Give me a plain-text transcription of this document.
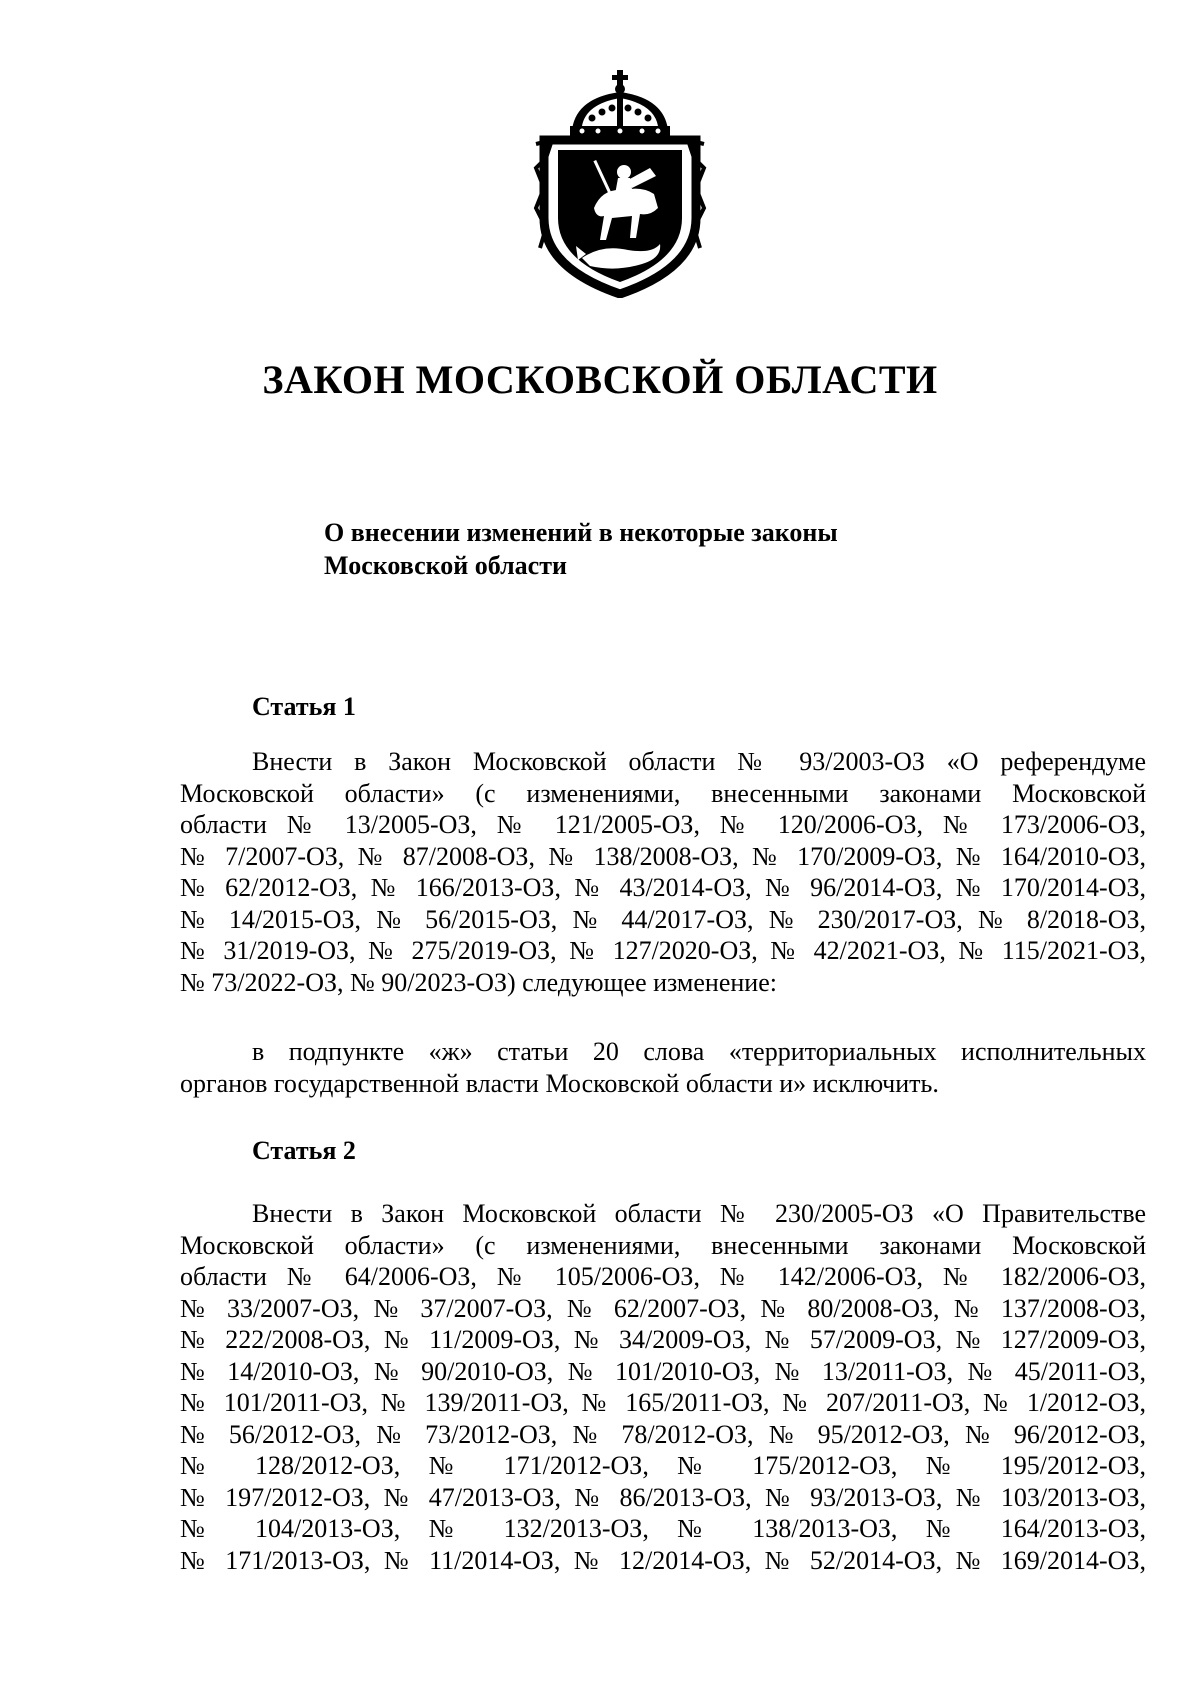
ЗАКОН МОСКОВСКОЙ ОБЛАСТИ
О внесении изменений в некоторые законы
Московской области
Статья 1
Внести в Закон Московской области № 93/2003-ОЗ «О референдуме
Московской области» (с изменениями, внесенными законами Московской
области № 13/2005-ОЗ, № 121/2005-ОЗ, № 120/2006-ОЗ, № 173/2006-ОЗ,
№ 7/2007-ОЗ, № 87/2008-ОЗ, № 138/2008-ОЗ, № 170/2009-ОЗ, № 164/2010-ОЗ,
№ 62/2012-ОЗ, № 166/2013-ОЗ, № 43/2014-ОЗ, № 96/2014-ОЗ, № 170/2014-ОЗ,
№ 14/2015-ОЗ, № 56/2015-ОЗ, № 44/2017-ОЗ, № 230/2017-ОЗ, № 8/2018-ОЗ,
№ 31/2019-ОЗ, № 275/2019-ОЗ, № 127/2020-ОЗ, № 42/2021-ОЗ, № 115/2021-ОЗ,
№ 73/2022-ОЗ, № 90/2023-ОЗ) следующее изменение:
в подпункте «ж» статьи 20 слова «территориальных исполнительных
органов государственной власти Московской области и» исключить.
Статья 2
Внести в Закон Московской области № 230/2005-ОЗ «О Правительстве
Московской области» (с изменениями, внесенными законами Московской
области № 64/2006-ОЗ, № 105/2006-ОЗ, № 142/2006-ОЗ, № 182/2006-ОЗ,
№ 33/2007-ОЗ, № 37/2007-ОЗ, № 62/2007-ОЗ, № 80/2008-ОЗ, № 137/2008-ОЗ,
№ 222/2008-ОЗ, № 11/2009-ОЗ, № 34/2009-ОЗ, № 57/2009-ОЗ, № 127/2009-ОЗ,
№ 14/2010-ОЗ, № 90/2010-ОЗ, № 101/2010-ОЗ, № 13/2011-ОЗ, № 45/2011-ОЗ,
№ 101/2011-ОЗ, № 139/2011-ОЗ, № 165/2011-ОЗ, № 207/2011-ОЗ, № 1/2012-ОЗ,
№ 56/2012-ОЗ, № 73/2012-ОЗ, № 78/2012-ОЗ, № 95/2012-ОЗ, № 96/2012-ОЗ,
№ 128/2012-ОЗ, № 171/2012-ОЗ, № 175/2012-ОЗ, № 195/2012-ОЗ,
№ 197/2012-ОЗ, № 47/2013-ОЗ, № 86/2013-ОЗ, № 93/2013-ОЗ, № 103/2013-ОЗ,
№ 104/2013-ОЗ, № 132/2013-ОЗ, № 138/2013-ОЗ, № 164/2013-ОЗ,
№ 171/2013-ОЗ, № 11/2014-ОЗ, № 12/2014-ОЗ, № 52/2014-ОЗ, № 169/2014-ОЗ,
